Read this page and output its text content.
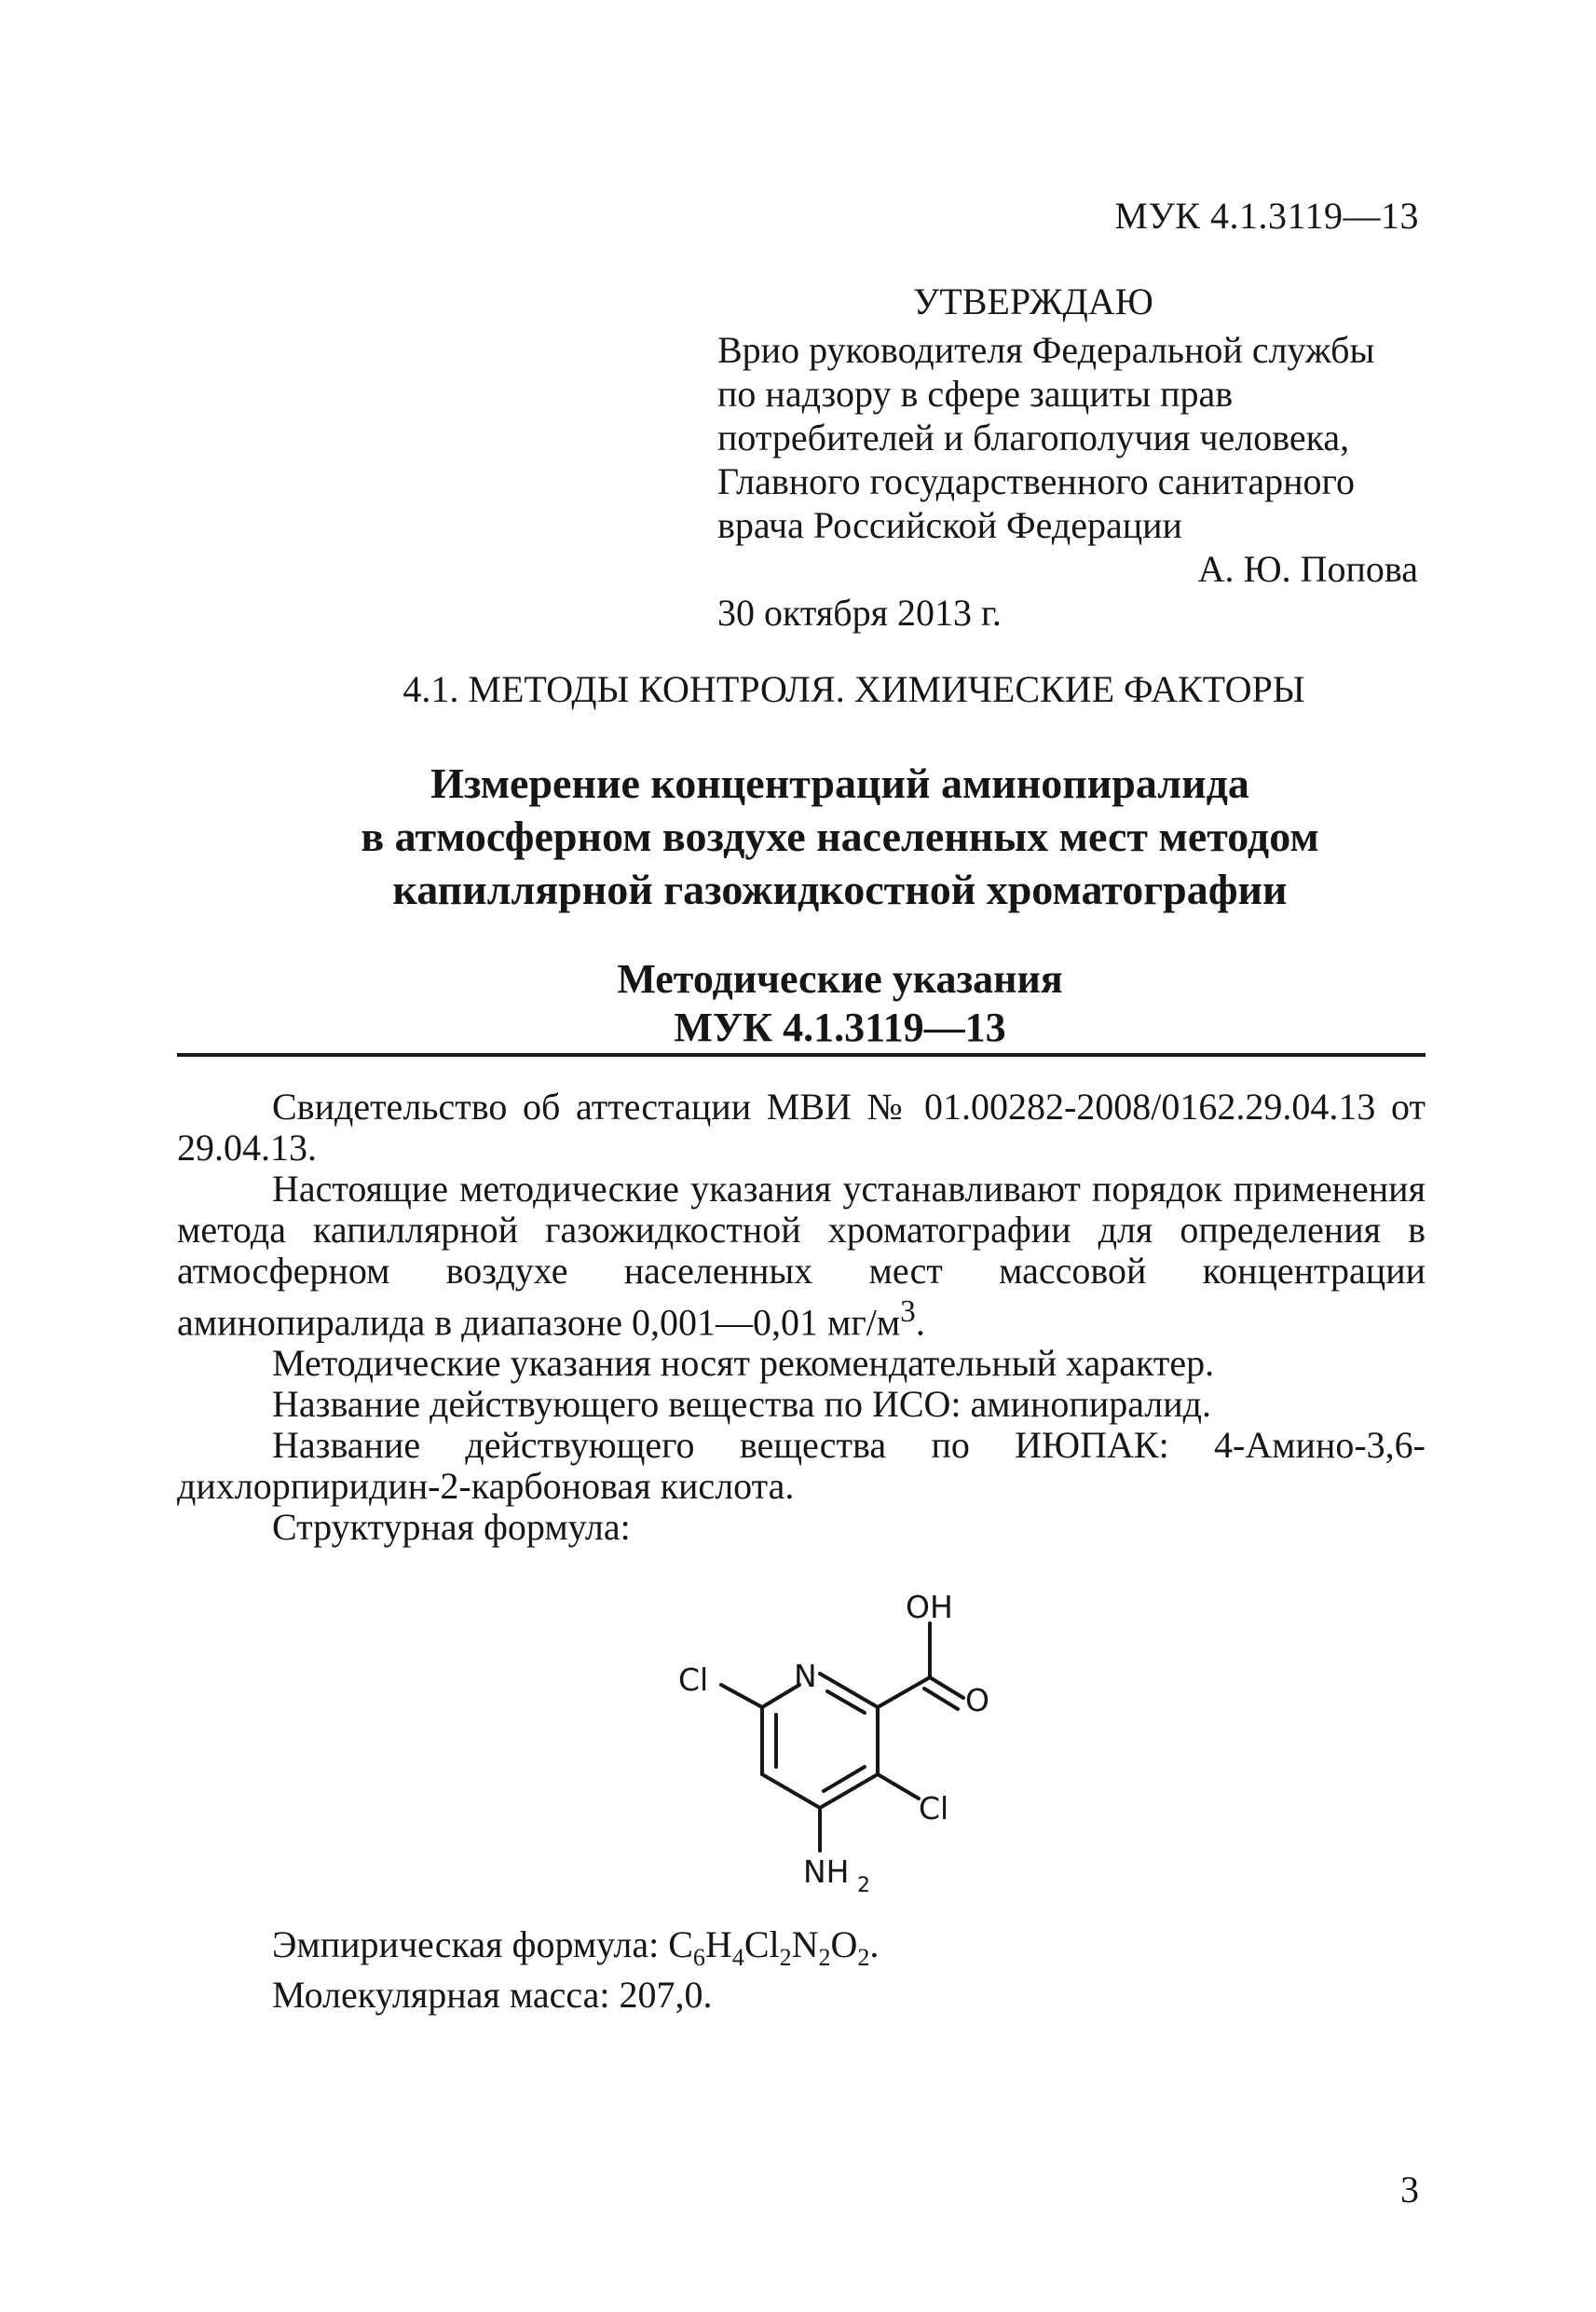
МУК 4.1.3119—13
УТВЕРЖДАЮ
Врио руководителя Федеральной службы
по надзору в сфере защиты прав
потребителей и благополучия человека,
Главного государственного санитарного
врача Российской Федерации
А. Ю. Попова
30 октября 2013 г.
4.1. МЕТОДЫ КОНТРОЛЯ. ХИМИЧЕСКИЕ ФАКТОРЫ
Измерение концентраций аминопиралида
в атмосферном воздухе населенных мест методом
капиллярной газожидкостной хроматографии
Методические указания
МУК 4.1.3119—13

Свидетельство об аттестации МВИ № 01.00282-2008/0162.29.04.13 от 29.04.13.

Настоящие методические указания устанавливают порядок применения метода капиллярной газожидкостной хроматографии для определения в атмосферном воздухе населенных мест массовой концентрации аминопиралида в диапазоне 0,001—0,01 $мг/м^3$.

Методические указания носят рекомендательный характер.

Название действующего вещества по ИСО: аминопиралид.

Название действующего вещества по ИЮПАК: 4-Амино-3,6-дихлорпиридин-2-карбоновая кислота.

Структурная формула:

N
Cl
OH
O
Cl
NH 2
Эмпирическая формула: $C_6H_4Cl_2N_2O_2$.
Молекулярная масса: 207,0.
3
